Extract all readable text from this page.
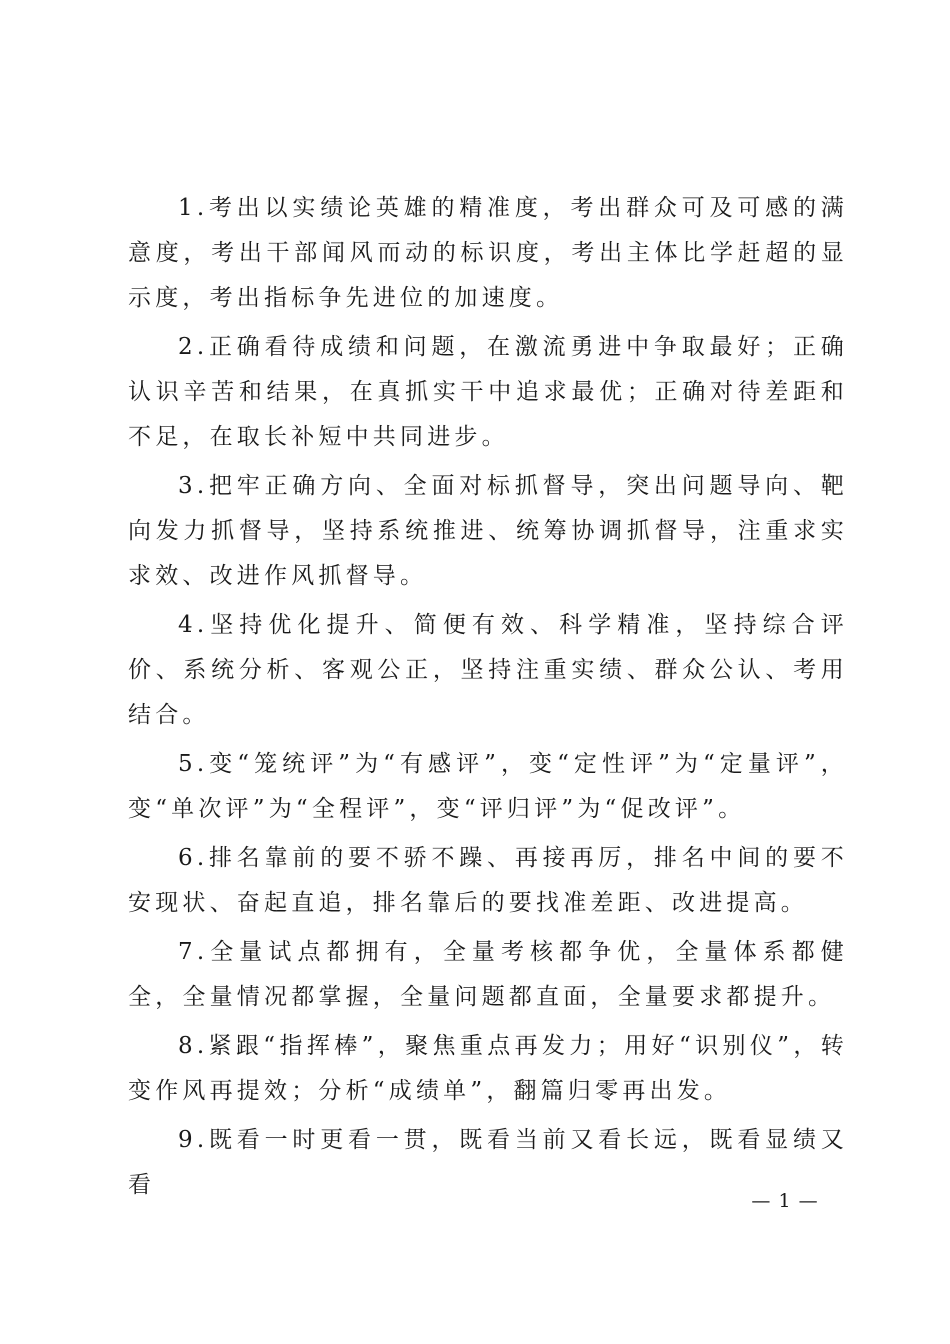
1.考出以实绩论英雄的精准度，考出群众可及可感的满意度，考出干部闻风而动的标识度，考出主体比学赶超的显示度，考出指标争先进位的加速度。

2.正确看待成绩和问题，在激流勇进中争取最好；正确认识辛苦和结果，在真抓实干中追求最优；正确对待差距和不足，在取长补短中共同进步。

3.把牢正确方向、全面对标抓督导，突出问题导向、靶向发力抓督导，坚持系统推进、统筹协调抓督导，注重求实求效、改进作风抓督导。

4.坚持优化提升、简便有效、科学精准，坚持综合评价、系统分析、客观公正，坚持注重实绩、群众公认、考用结合。

5.变“笼统评”为“有感评”，变“定性评”为“定量评”，变“单次评”为“全程评”，变“评归评”为“促改评”。

6.排名靠前的要不骄不躁、再接再厉，排名中间的要不安现状、奋起直追，排名靠后的要找准差距、改进提高。

7.全量试点都拥有，全量考核都争优，全量体系都健全，全量情况都掌握，全量问题都直面，全量要求都提升。

8.紧跟“指挥棒”，聚焦重点再发力；用好“识别仪”，转变作风再提效；分析“成绩单”，翻篇归零再出发。

9.既看一时更看一贯，既看当前又看长远，既看显绩又看

— 1 —
